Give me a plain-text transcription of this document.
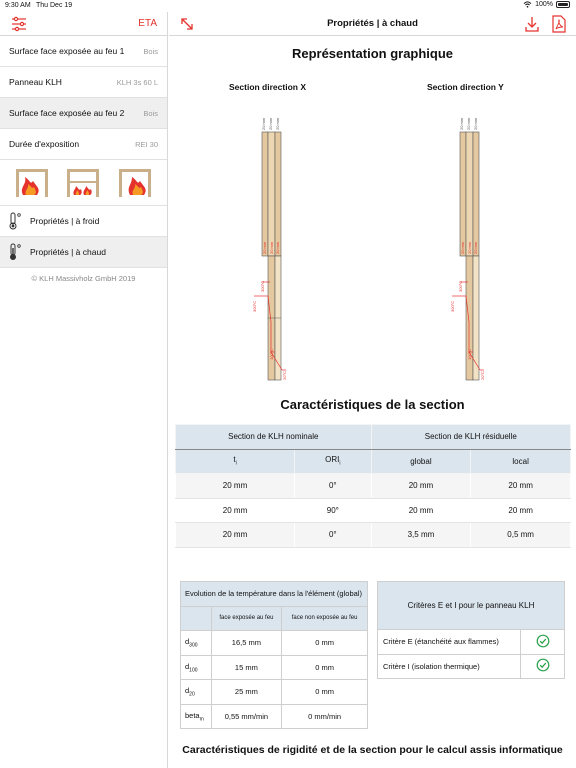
9:30 AM Thu Dec 19	100%
ETA
Surface face exposée au feu 1	Bois
Panneau KLH	KLH 3s 60 L
Surface face exposée au feu 2	Bois
Durée d'exposition	REI 30
Propriétés | à froid
Propriétés | à chaud
© KLH Massivholz GmbH 2019
Propriétés | à chaud
Représentation graphique
Section direction X	Section direction Y
20 mm 20 mm 20 mm
20 mm 20 mm 20 mm
300°C
300°C
100°C
20°C
20 mm 20 mm 20 mm
20 mm 20 mm 20 mm
300°C
300°C
100°C
20°C
Caractéristiques de la section
Section de KLH nominale		Section de KLH résiduelle	
$t_i$	$ORI_i$	global	local
20 mm	0°	20 mm	20 mm
20 mm	90°	20 mm	20 mm
20 mm	0°	3,5 mm	0,5 mm
Evolution de la température dans la l'élément (global)		
	face exposée au feu	face non exposée au feu
$d_{300}$	16,5 mm	0 mm
$d_{100}$	15 mm	0 mm
$d_{20}$	25 mm	0 mm
beta$_m$	0,55 mm/min	0 mm/min
Critères E et I pour le panneau KLH	
Critère E (étanchéité aux flammes)	
Critère I (isolation thermique)	
Caractéristiques de rigidité et de la section pour le calcul assis informatique
